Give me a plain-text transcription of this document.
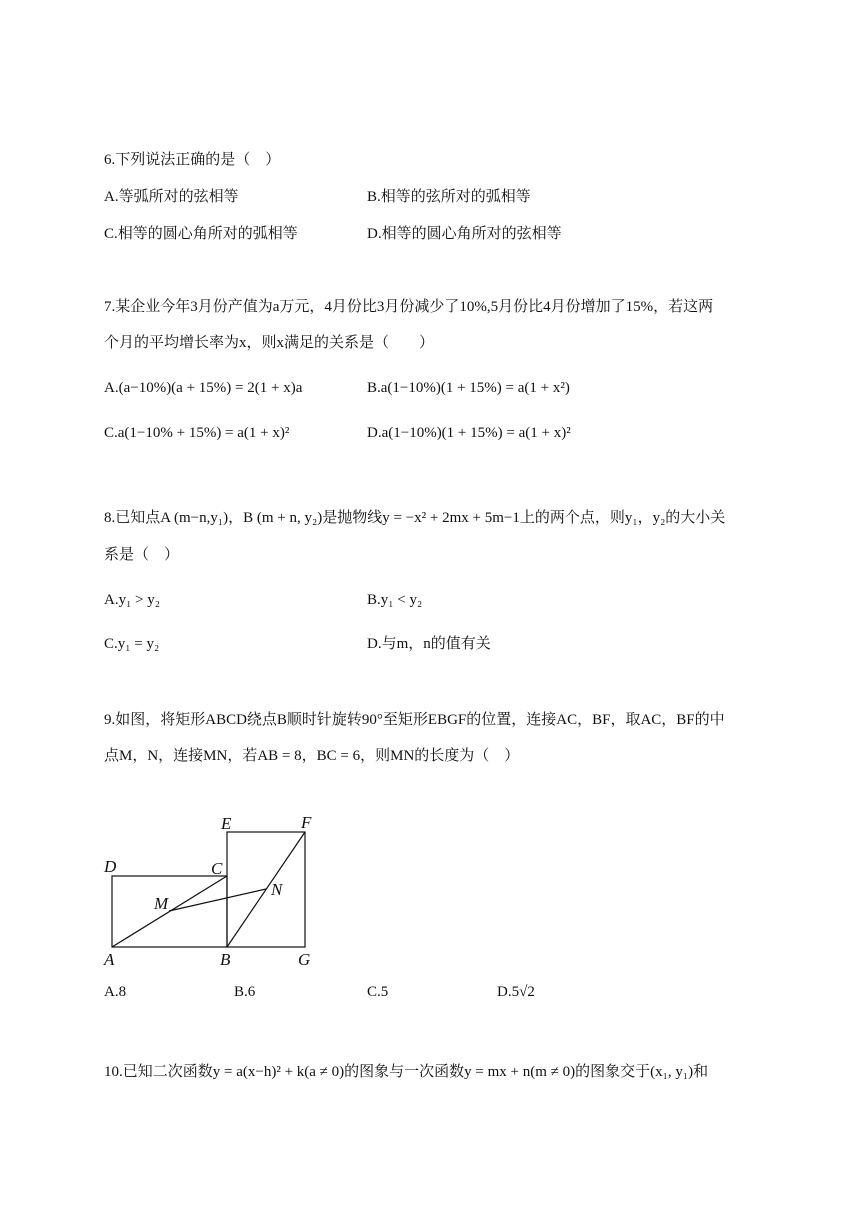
6.下列说法正确的是（　）
A.等弧所对的弦相等	B.相等的弦所对的弧相等
C.相等的圆心角所对的弧相等	D.相等的圆心角所对的弦相等
7.某企业今年3月份产值为a万元，4月份比3月份减少了10%,5月份比4月份增加了15%，若这两
个月的平均增长率为x，则x满足的关系是（　　）
A.(a−10%)(a + 15%) = 2(1 + x)a	B.a(1−10%)(1 + 15%) = a(1 + x²)
C.a(1−10% + 15%) = a(1 + x)²	D.a(1−10%)(1 + 15%) = a(1 + x)²
8.已知点A (m−n,y₁)，B (m + n, y₂)是抛物线y = −x² + 2mx + 5m−1上的两个点，则y₁，y₂的大小关
系是（　）
A.y₁ > y₂	B.y₁ < y₂
C.y₁ = y₂	D.与m，n的值有关
9.如图，将矩形ABCD绕点B顺时针旋转90°至矩形EBGF的位置，连接AC，BF，取AC，BF的中
点M，N，连接MN，若AB = 8，BC = 6，则MN的长度为（　）
D	C
E	F
M
N
A	B	G
A.8	B.6	C.5	D.5√2
10.已知二次函数y = a(x−h)² + k(a ≠ 0)的图象与一次函数y = mx + n(m ≠ 0)的图象交于(x₁, y₁)和
